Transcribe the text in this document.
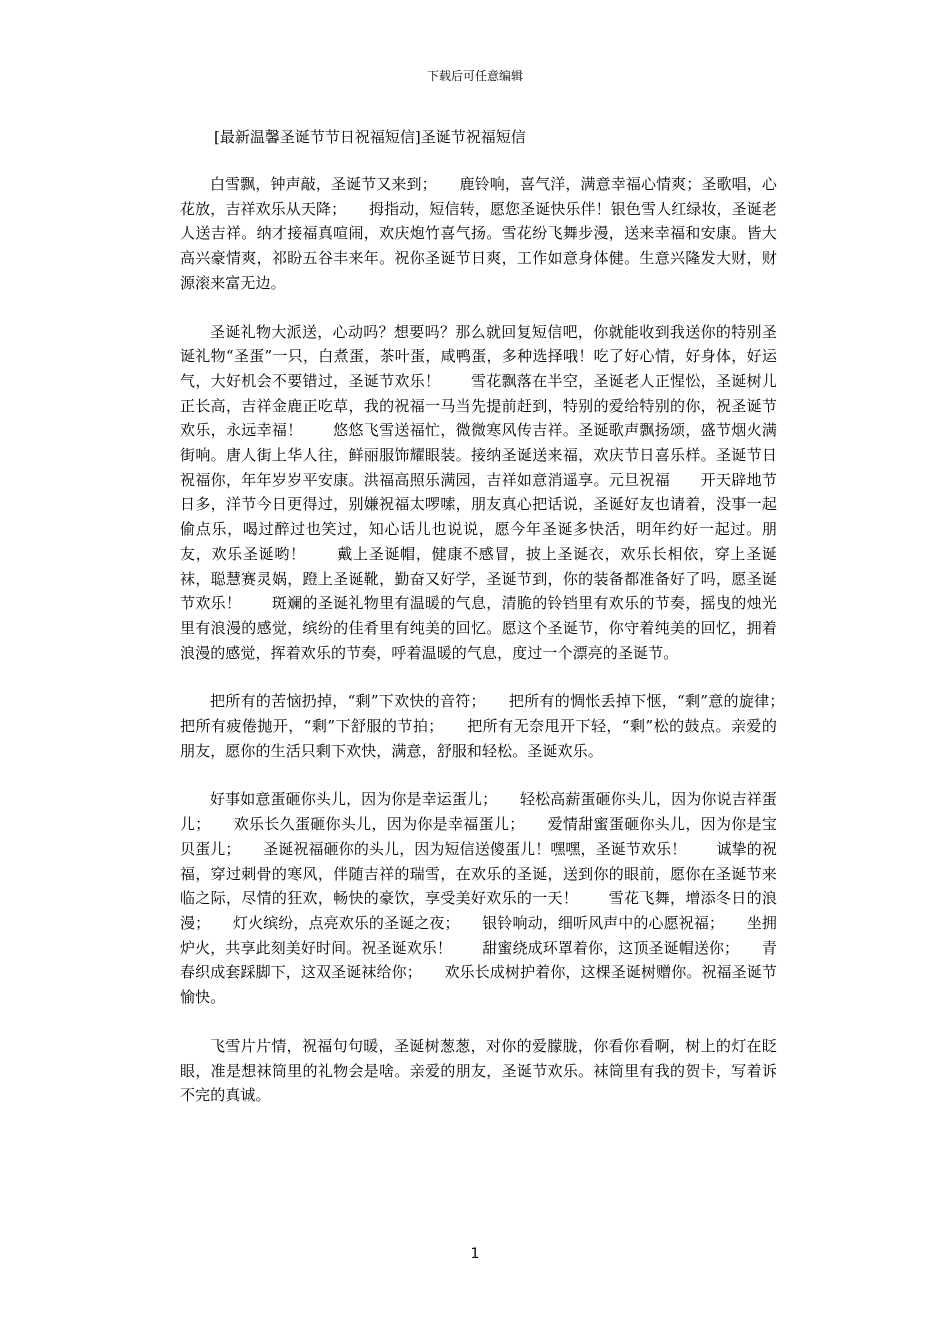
下载后可任意编辑
[最新温馨圣诞节节日祝福短信]圣诞节祝福短信

白雪飘，钟声敲，圣诞节又来到；　　鹿铃响，喜气洋，满意幸福心情爽；圣歌唱，心花放，吉祥欢乐从天降；　　拇指动，短信转，愿您圣诞快乐伴！银色雪人红绿妆，圣诞老人送吉祥。纳才接福真喧闹，欢庆炮竹喜气扬。雪花纷飞舞步漫，送来幸福和安康。皆大高兴豪情爽，祁盼五谷丰来年。祝你圣诞节日爽，工作如意身体健。生意兴隆发大财，财源滚来富无边。

圣诞礼物大派送，心动吗？想要吗？那么就回复短信吧，你就能收到我送你的特别圣诞礼物“圣蛋”一只，白煮蛋，茶叶蛋，咸鸭蛋，多种选择哦！吃了好心情，好身体，好运气，大好机会不要错过，圣诞节欢乐！　　雪花飘落在半空，圣诞老人正惺忪，圣诞树儿正长高，吉祥金鹿正吃草，我的祝福一马当先提前赶到，特别的爱给特别的你，祝圣诞节欢乐，永远幸福！　　悠悠飞雪送福忙，微微寒风传吉祥。圣诞歌声飘扬颂，盛节烟火满街响。唐人街上华人往，鲜丽服饰耀眼装。接纳圣诞送来福，欢庆节日喜乐样。圣诞节日祝福你，年年岁岁平安康。洪福高照乐满园，吉祥如意消遥享。元旦祝福　　开天辟地节日多，洋节今日更得过，别嫌祝福太啰嗦，朋友真心把话说，圣诞好友也请着，没事一起偷点乐，喝过醉过也笑过，知心话儿也说说，愿今年圣诞多快活，明年约好一起过。朋友，欢乐圣诞哟！　　戴上圣诞帽，健康不感冒，披上圣诞衣，欢乐长相依，穿上圣诞袜，聪慧赛灵娲，蹬上圣诞靴，勤奋又好学，圣诞节到，你的装备都准备好了吗，愿圣诞节欢乐！　　斑斓的圣诞礼物里有温暖的气息，清脆的铃铛里有欢乐的节奏，摇曳的烛光里有浪漫的感觉，缤纷的佳肴里有纯美的回忆。愿这个圣诞节，你守着纯美的回忆，拥着浪漫的感觉，挥着欢乐的节奏，呼着温暖的气息，度过一个漂亮的圣诞节。

把所有的苦恼扔掉，“剩”下欢快的音符；　　把所有的惆怅丢掉下惬，“剩”意的旋律；　　把所有疲倦抛开，“剩”下舒服的节拍；　　把所有无奈甩开下轻，“剩”松的鼓点。亲爱的朋友，愿你的生活只剩下欢快，满意，舒服和轻松。圣诞欢乐。

好事如意蛋砸你头儿，因为你是幸运蛋儿；　　轻松高薪蛋砸你头儿，因为你说吉祥蛋儿；　　欢乐长久蛋砸你头儿，因为你是幸福蛋儿；　　爱情甜蜜蛋砸你头儿，因为你是宝贝蛋儿；　　圣诞祝福砸你的头儿，因为短信送傻蛋儿！嘿嘿，圣诞节欢乐！　　诚挚的祝福，穿过刺骨的寒风，伴随吉祥的瑞雪，在欢乐的圣诞，送到你的眼前，愿你在圣诞节来临之际，尽情的狂欢，畅快的豪饮，享受美好欢乐的一天！　　雪花飞舞，增添冬日的浪漫；　　灯火缤纷，点亮欢乐的圣诞之夜；　　银铃响动，细听风声中的心愿祝福；　　坐拥炉火，共享此刻美好时间。祝圣诞欢乐！　　甜蜜绕成环罩着你，这顶圣诞帽送你；　　青春织成套踩脚下，这双圣诞袜给你；　　欢乐长成树护着你，这棵圣诞树赠你。祝福圣诞节愉快。

飞雪片片情，祝福句句暖，圣诞树葱葱，对你的爱朦胧，你看你看啊，树上的灯在眨眼，准是想袜筒里的礼物会是啥。亲爱的朋友，圣诞节欢乐。袜筒里有我的贺卡，写着诉不完的真诚。

1
